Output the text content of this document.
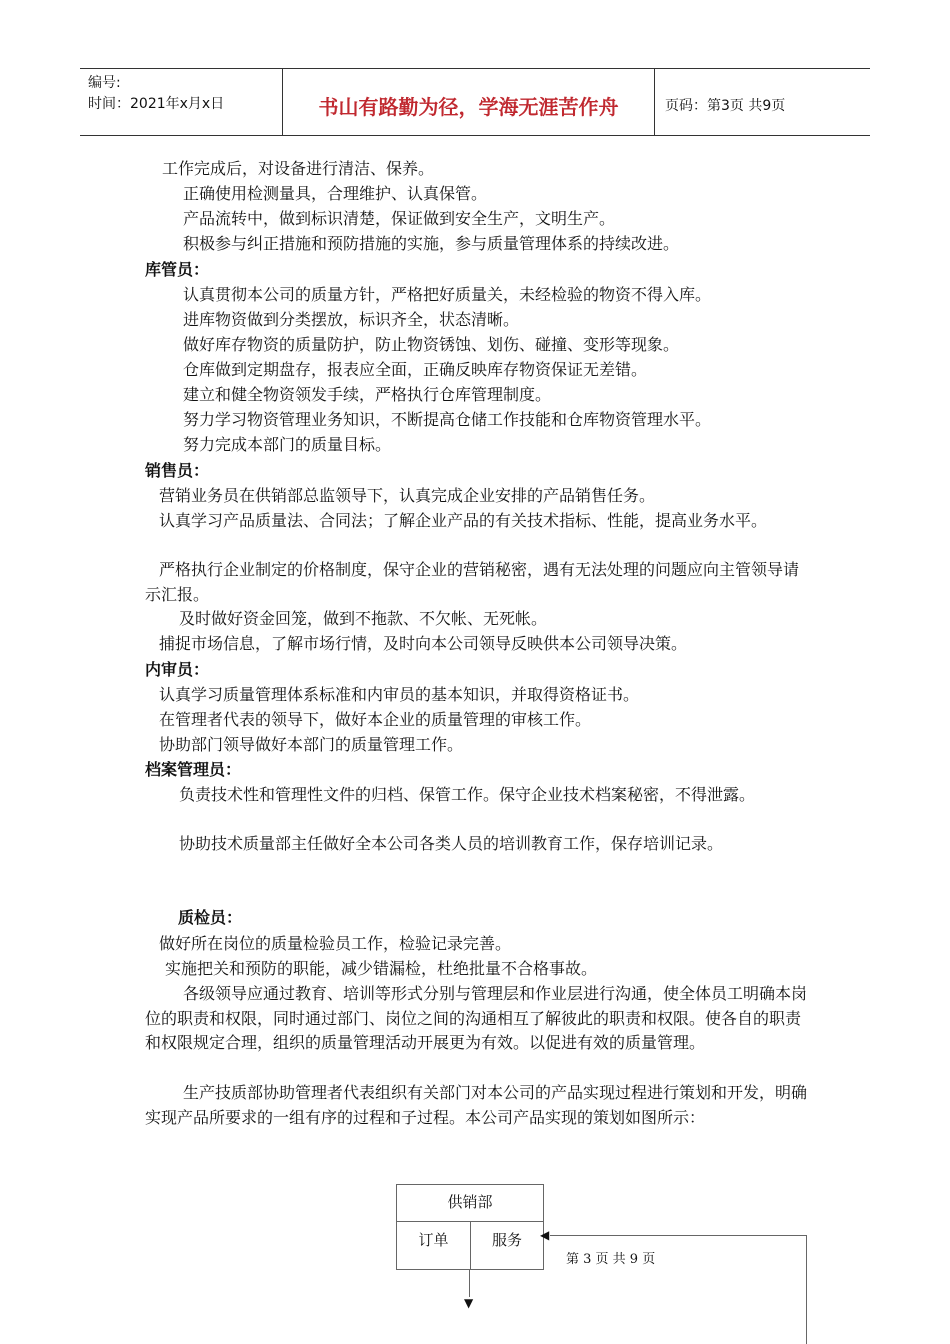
编号:
时间：2021年x月x日	书山有路勤为径，学海无涯苦作舟	页码：第3页 共9页

工作完成后，对设备进行清洁、保养。

正确使用检测量具，合理维护、认真保管。

产品流转中，做到标识清楚，保证做到安全生产，文明生产。

积极参与纠正措施和预防措施的实施，参与质量管理体系的持续改进。

库管员：

认真贯彻本公司的质量方针，严格把好质量关，未经检验的物资不得入库。

进库物资做到分类摆放，标识齐全，状态清晰。

做好库存物资的质量防护，防止物资锈蚀、划伤、碰撞、变形等现象。

仓库做到定期盘存，报表应全面，正确反映库存物资保证无差错。

建立和健全物资领发手续，严格执行仓库管理制度。

努力学习物资管理业务知识，不断提高仓储工作技能和仓库物资管理水平。

努力完成本部门的质量目标。

销售员：

营销业务员在供销部总监领导下，认真完成企业安排的产品销售任务。

认真学习产品质量法、合同法；了解企业产品的有关技术指标、性能，提高业务水平。

严格执行企业制定的价格制度，保守企业的营销秘密，遇有无法处理的问题应向主管领导请示汇报。

及时做好资金回笼，做到不拖款、不欠帐、无死帐。

捕捉市场信息，了解市场行情，及时向本公司领导反映供本公司领导决策。

内审员：

认真学习质量管理体系标准和内审员的基本知识，并取得资格证书。

在管理者代表的领导下，做好本企业的质量管理的审核工作。

协助部门领导做好本部门的质量管理工作。

档案管理员：

负责技术性和管理性文件的归档、保管工作。保守企业技术档案秘密，不得泄露。

协助技术质量部主任做好全本公司各类人员的培训教育工作，保存培训记录。

质检员：

做好所在岗位的质量检验员工作，检验记录完善。

实施把关和预防的职能，减少错漏检，杜绝批量不合格事故。

各级领导应通过教育、培训等形式分别与管理层和作业层进行沟通，使全体员工明确本岗位的职责和权限，同时通过部门、岗位之间的沟通相互了解彼此的职责和权限。使各自的职责和权限规定合理，组织的质量管理活动开展更为有效。以促进有效的质量管理。

生产技质部协助管理者代表组织有关部门对本公司的产品实现过程进行策划和开发，明确实现产品所要求的一组有序的过程和子过程。本公司产品实现的策划如图所示：

供销部
订单	服务	◀
▼
第 3 页 共 9 页
